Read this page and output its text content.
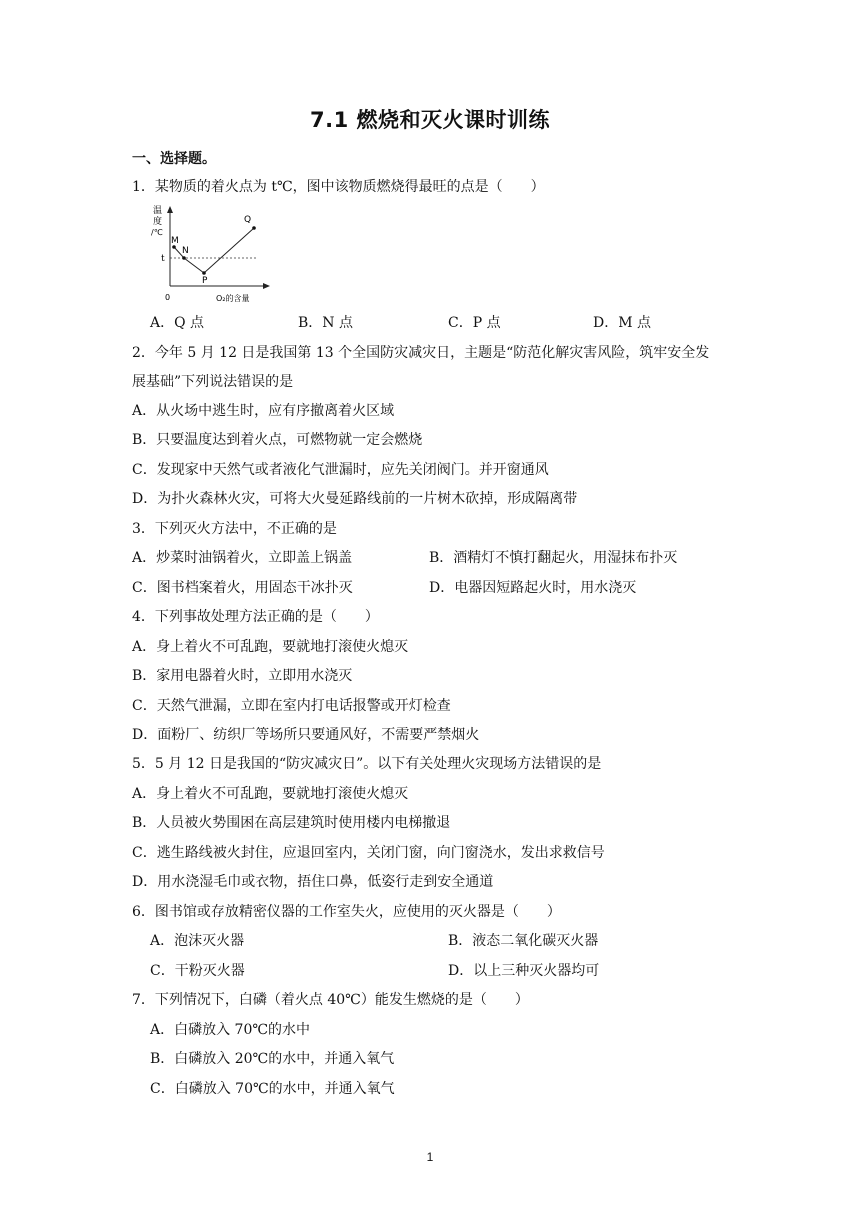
7.1 燃烧和灭火课时训练
一、选择题。
1．某物质的着火点为 t℃，图中该物质燃烧得最旺的点是（　　）
温
度
/℃
t
M
N
P
Q
0	O₂的含量
A．Q 点	B．N 点	C．P 点	D．M 点
2．今年 5 月 12 日是我国第 13 个全国防灾减灾日，主题是“防范化解灾害风险，筑牢安全发
展基础”下列说法错误的是
A．从火场中逃生时，应有序撤离着火区域
B．只要温度达到着火点，可燃物就一定会燃烧
C．发现家中天然气或者液化气泄漏时，应先关闭阀门。并开窗通风
D．为扑火森林火灾，可将大火曼延路线前的一片树木砍掉，形成隔离带
3．下列灭火方法中，不正确的是
A．炒菜时油锅着火，立即盖上锅盖	B．酒精灯不慎打翻起火，用湿抹布扑灭
C．图书档案着火，用固态干冰扑灭	D．电器因短路起火时，用水浇灭
4．下列事故处理方法正确的是（　　）
A．身上着火不可乱跑，要就地打滚使火熄灭
B．家用电器着火时，立即用水浇灭
C．天然气泄漏，立即在室内打电话报警或开灯检查
D．面粉厂、纺织厂等场所只要通风好，不需要严禁烟火
5．5 月 12 日是我国的“防灾减灾日”。以下有关处理火灾现场方法错误的是
A．身上着火不可乱跑，要就地打滚使火熄灭
B．人员被火势围困在高层建筑时使用楼内电梯撤退
C．逃生路线被火封住，应退回室内，关闭门窗，向门窗浇水，发出求救信号
D．用水浇湿毛巾或衣物，捂住口鼻，低姿行走到安全通道
6．图书馆或存放精密仪器的工作室失火，应使用的灭火器是（　　）
A．泡沫灭火器	B．液态二氧化碳灭火器
C．干粉灭火器	D．以上三种灭火器均可
7．下列情况下，白磷（着火点 40℃）能发生燃烧的是（　　）
A．白磷放入 70℃的水中
B．白磷放入 20℃的水中，并通入氧气
C．白磷放入 70℃的水中，并通入氧气
1
